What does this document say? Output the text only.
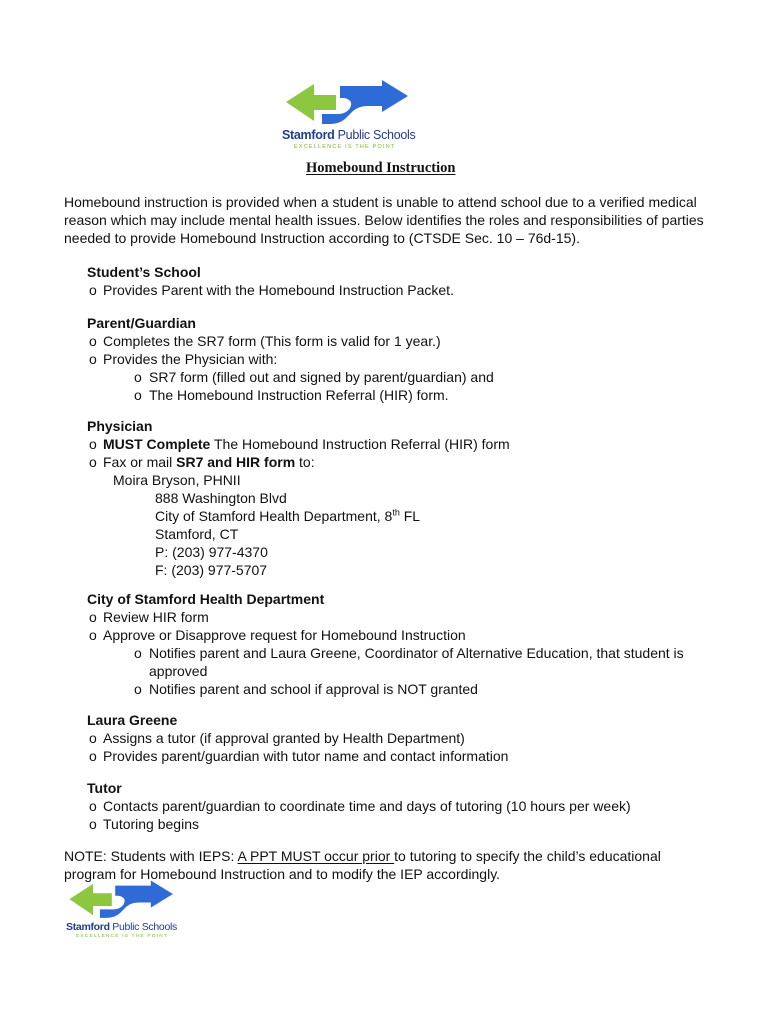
Stamford Public Schools
EXCELLENCE IS THE POINT
Homebound Instruction

Homebound instruction is provided when a student is unable to attend school due to a verified medical reason which may include mental health issues. Below identifies the roles and responsibilities of parties needed to provide Homebound Instruction according to (CTSDE Sec. 10 – 76d-15).

Student’s School
o Provides Parent with the Homebound Instruction Packet.
Parent/Guardian
o Completes the SR7 form (This form is valid for 1 year.)
o Provides the Physician with:
o SR7 form (filled out and signed by parent/guardian) and
o The Homebound Instruction Referral (HIR) form.
Physician
o MUST Complete The Homebound Instruction Referral (HIR) form
o Fax or mail SR7 and HIR form to:
Moira Bryson, PHNII
888 Washington Blvd
City of Stamford Health Department, 8th FL
Stamford, CT
P: (203) 977-4370
F: (203) 977-5707
City of Stamford Health Department
o Review HIR form
o Approve or Disapprove request for Homebound Instruction
o Notifies parent and Laura Greene, Coordinator of Alternative Education, that student is approved
o Notifies parent and school if approval is NOT granted
Laura Greene
o Assigns a tutor (if approval granted by Health Department)
o Provides parent/guardian with tutor name and contact information
Tutor
o Contacts parent/guardian to coordinate time and days of tutoring (10 hours per week)
o Tutoring begins

NOTE: Students with IEPS: A PPT MUST occur prior to tutoring to specify the child’s educational program for Homebound Instruction and to modify the IEP accordingly.

Stamford Public Schools
EXCELLENCE IS THE POINT
